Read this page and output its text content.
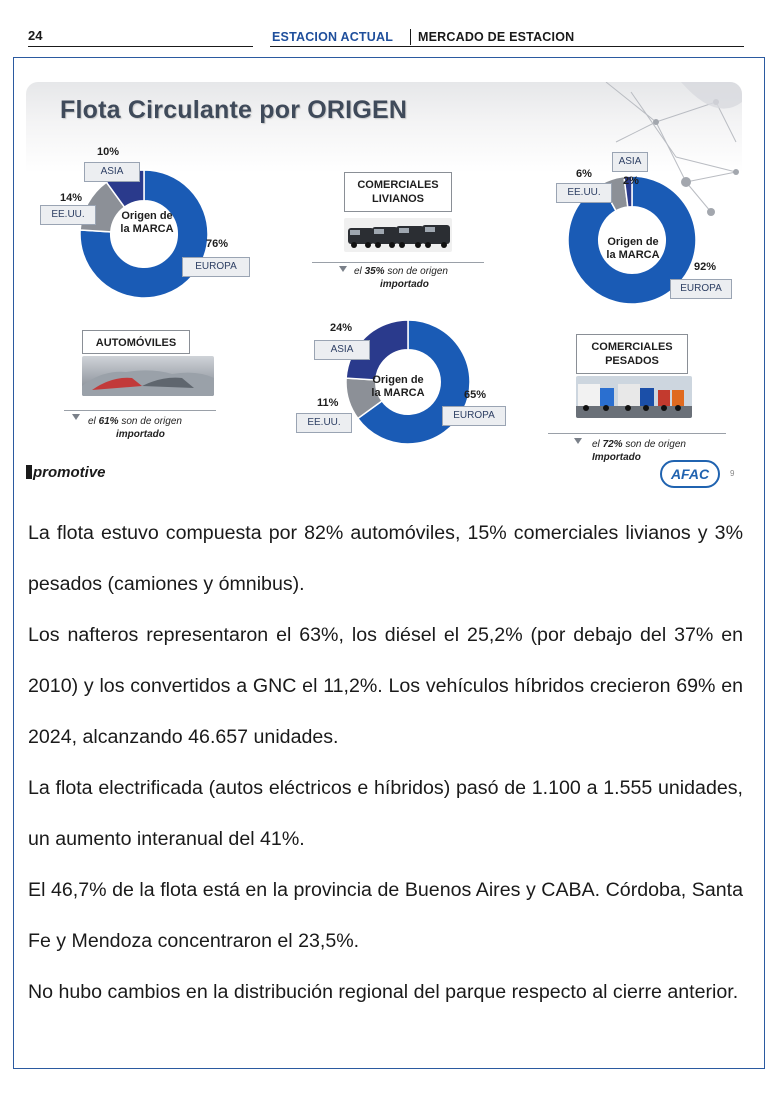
24	ESTACION ACTUAL MERCADO DE ESTACION
Flota Circulante por ORIGEN
Origen de
la MARCA
10%
ASIA
14%
EE.UU.
76%
EUROPA
COMERCIALES
LIVIANOS
el 35% son de origen
importado
Origen de
la MARCA
ASIA
6%
2%
EE.UU.
92%
EUROPA
AUTOMÓVILES
el 61% son de origen
importado
Origen de
la MARCA
24%
ASIA
11%
EE.UU.
65%
EUROPA
COMERCIALES
PESADOS
el 72% son de origen
Importado
promotive	AFAC	9

La flota estuvo compuesta por 82% automóviles, 15% comerciales livianos y 3% pesados (camiones y ómnibus).

Los nafteros representaron el 63%, los diésel el 25,2% (por debajo del 37% en 2010) y los convertidos a GNC el 11,2%. Los vehículos híbridos crecieron 69% en 2024, alcanzando 46.657 unidades.

La flota electrificada (autos eléctricos e híbridos) pasó de 1.100 a 1.555 unidades, un aumento interanual del 41%.

El 46,7% de la flota está en la provincia de Buenos Aires y CABA. Córdoba, Santa Fe y Mendoza concentraron el 23,5%.

No hubo cambios en la distribución regional del parque respecto al cierre anterior.
